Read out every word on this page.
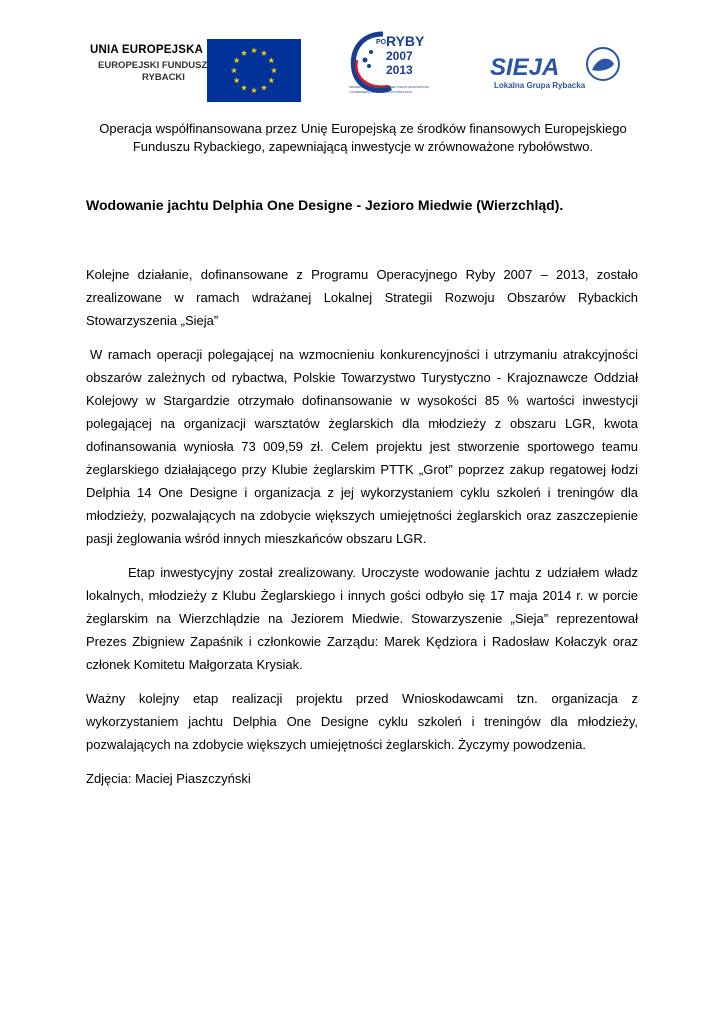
UNIA EUROPEJSKA
EUROPEJSKI FUNDUSZ
RYBACKI
PO RYBY
2007
2013
ZRÓWNOWAŻONY ROZWÓJ SEKTORA RYBOŁÓWSTWA
I NADBRZEŻNYCH OBSZARÓW RYBACKICH
SIEJA
Lokalna Grupa Rybacka
Operacja współfinansowana przez Unię Europejską ze środków finansowych Europejskiego Funduszu Rybackiego, zapewniającą inwestycje w zrównoważone rybołówstwo.
Wodowanie jachtu Delphia One Designe - Jezioro Miedwie (Wierzchląd).

Kolejne działanie, dofinansowane z Programu Operacyjnego Ryby 2007 – 2013, zostało zrealizowane w ramach wdrażanej Lokalnej Strategii Rozwoju Obszarów Rybackich Stowarzyszenia „Sieja”

W ramach operacji polegającej na wzmocnieniu konkurencyjności i utrzymaniu atrakcyjności obszarów zależnych od rybactwa, Polskie Towarzystwo Turystyczno - Krajoznawcze Oddział Kolejowy w Stargardzie otrzymało dofinansowanie w wysokości 85 % wartości inwestycji polegającej na organizacji warsztatów żeglarskich dla młodzieży z obszaru LGR, kwota dofinansowania wyniosła 73 009,59 zł. Celem projektu jest stworzenie sportowego teamu żeglarskiego działającego przy Klubie żeglarskim PTTK „Grot” poprzez zakup regatowej łodzi Delphia 14 One Designe i organizacja z jej wykorzystaniem cyklu szkoleń i treningów dla młodzieży, pozwalających na zdobycie większych umiejętności żeglarskich oraz zaszczepienie pasji żeglowania wśród innych mieszkańców obszaru LGR.

Etap inwestycyjny został zrealizowany. Uroczyste wodowanie jachtu z udziałem władz lokalnych, młodzieży z Klubu Żeglarskiego i innych gości odbyło się 17 maja 2014 r. w porcie żeglarskim na Wierzchlądzie na Jeziorem Miedwie. Stowarzyszenie „Sieja” reprezentował Prezes Zbigniew Zapaśnik i członkowie Zarządu: Marek Kędziora i Radosław Kołaczyk oraz członek Komitetu Małgorzata Krysiak.

Ważny kolejny etap realizacji projektu przed Wnioskodawcami tzn. organizacja z wykorzystaniem jachtu Delphia One Designe cyklu szkoleń i treningów dla młodzieży, pozwalających na zdobycie większych umiejętności żeglarskich. Życzymy powodzenia.

Zdjęcia: Maciej Piaszczyński
